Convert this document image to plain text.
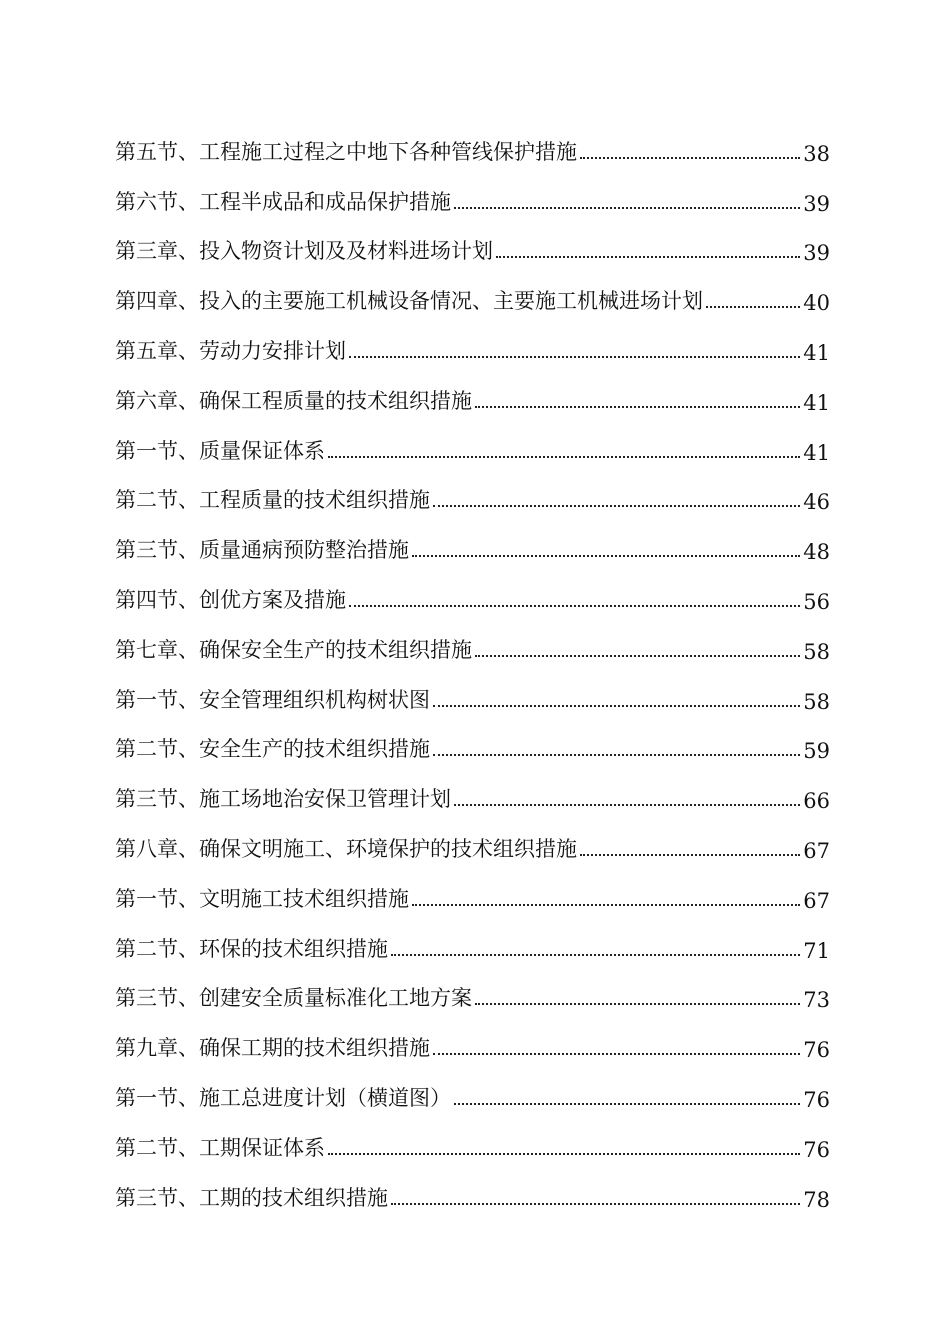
第五节、工程施工过程之中地下各种管线保护措施	38
第六节、工程半成品和成品保护措施	39
第三章、投入物资计划及及材料进场计划	39
第四章、投入的主要施工机械设备情况、主要施工机械进场计划	40
第五章、劳动力安排计划	41
第六章、确保工程质量的技术组织措施	41
第一节、质量保证体系	41
第二节、工程质量的技术组织措施	46
第三节、质量通病预防整治措施	48
第四节、创优方案及措施	56
第七章、确保安全生产的技术组织措施	58
第一节、安全管理组织机构树状图	58
第二节、安全生产的技术组织措施	59
第三节、施工场地治安保卫管理计划	66
第八章、确保文明施工、环境保护的技术组织措施	67
第一节、文明施工技术组织措施	67
第二节、环保的技术组织措施	71
第三节、创建安全质量标准化工地方案	73
第九章、确保工期的技术组织措施	76
第一节、施工总进度计划（横道图）	76
第二节、工期保证体系	76
第三节、工期的技术组织措施	78
